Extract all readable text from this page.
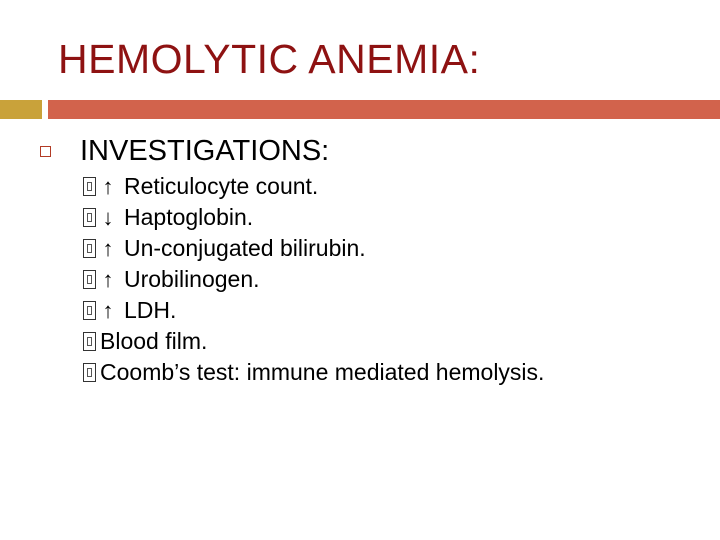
HEMOLYTIC ANEMIA:
INVESTIGATIONS:
↑ Reticulocyte count.
↓ Haptoglobin.
↑ Un-conjugated bilirubin.
↑ Urobilinogen.
↑ LDH.
Blood film.
Coomb’s test: immune mediated hemolysis.
